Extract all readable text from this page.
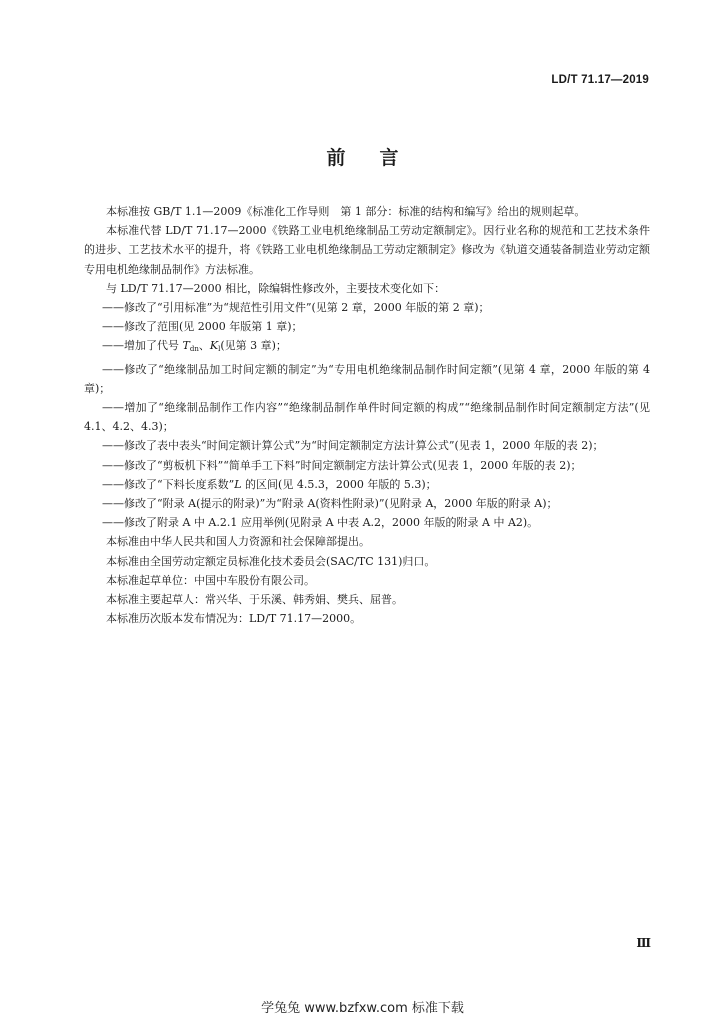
LD/T 71.17—2019
前言

本标准按 GB/T 1.1—2009《标准化工作导则　第 1 部分：标准的结构和编写》给出的规则起草。

本标准代替 LD/T 71.17—2000《铁路工业电机绝缘制品工劳动定额制定》。因行业名称的规范和工艺技术条件的进步、工艺技术水平的提升，将《铁路工业电机绝缘制品工劳动定额制定》修改为《轨道交通装备制造业劳动定额　专用电机绝缘制品制作》方法标准。

与 LD/T 71.17—2000 相比，除编辑性修改外，主要技术变化如下：

——修改了“引用标准”为“规范性引用文件”(见第 2 章，2000 年版的第 2 章)；

——修改了范围(见 2000 年版第 1 章)；

——增加了代号 $T_{dn}$、$K_l$(见第 3 章)；

——修改了“绝缘制品加工时间定额的制定”为“专用电机绝缘制品制作时间定额”(见第 4 章，2000 年版的第 4 章)；

——增加了“绝缘制品制作工作内容”“绝缘制品制作单件时间定额的构成”“绝缘制品制作时间定额制定方法”(见 4.1、4.2、4.3)；

——修改了表中表头“时间定额计算公式”为“时间定额制定方法计算公式”(见表 1，2000 年版的表 2)；

——修改了“剪板机下料”“简单手工下料”时间定额制定方法计算公式(见表 1，2000 年版的表 2)；

——修改了“下料长度系数”L 的区间(见 4.5.3，2000 年版的 5.3)；

——修改了“附录 A(提示的附录)”为“附录 A(资料性附录)”(见附录 A，2000 年版的附录 A)；

——修改了附录 A 中 A.2.1 应用举例(见附录 A 中表 A.2，2000 年版的附录 A 中 A2)。

本标准由中华人民共和国人力资源和社会保障部提出。

本标准由全国劳动定额定员标准化技术委员会(SAC/TC 131)归口。

本标准起草单位：中国中车股份有限公司。

本标准主要起草人：常兴华、于乐溪、韩秀娟、樊兵、屈普。

本标准历次版本发布情况为：LD/T 71.17—2000。

Ⅲ
学兔兔 www.bzfxw.com 标准下载
